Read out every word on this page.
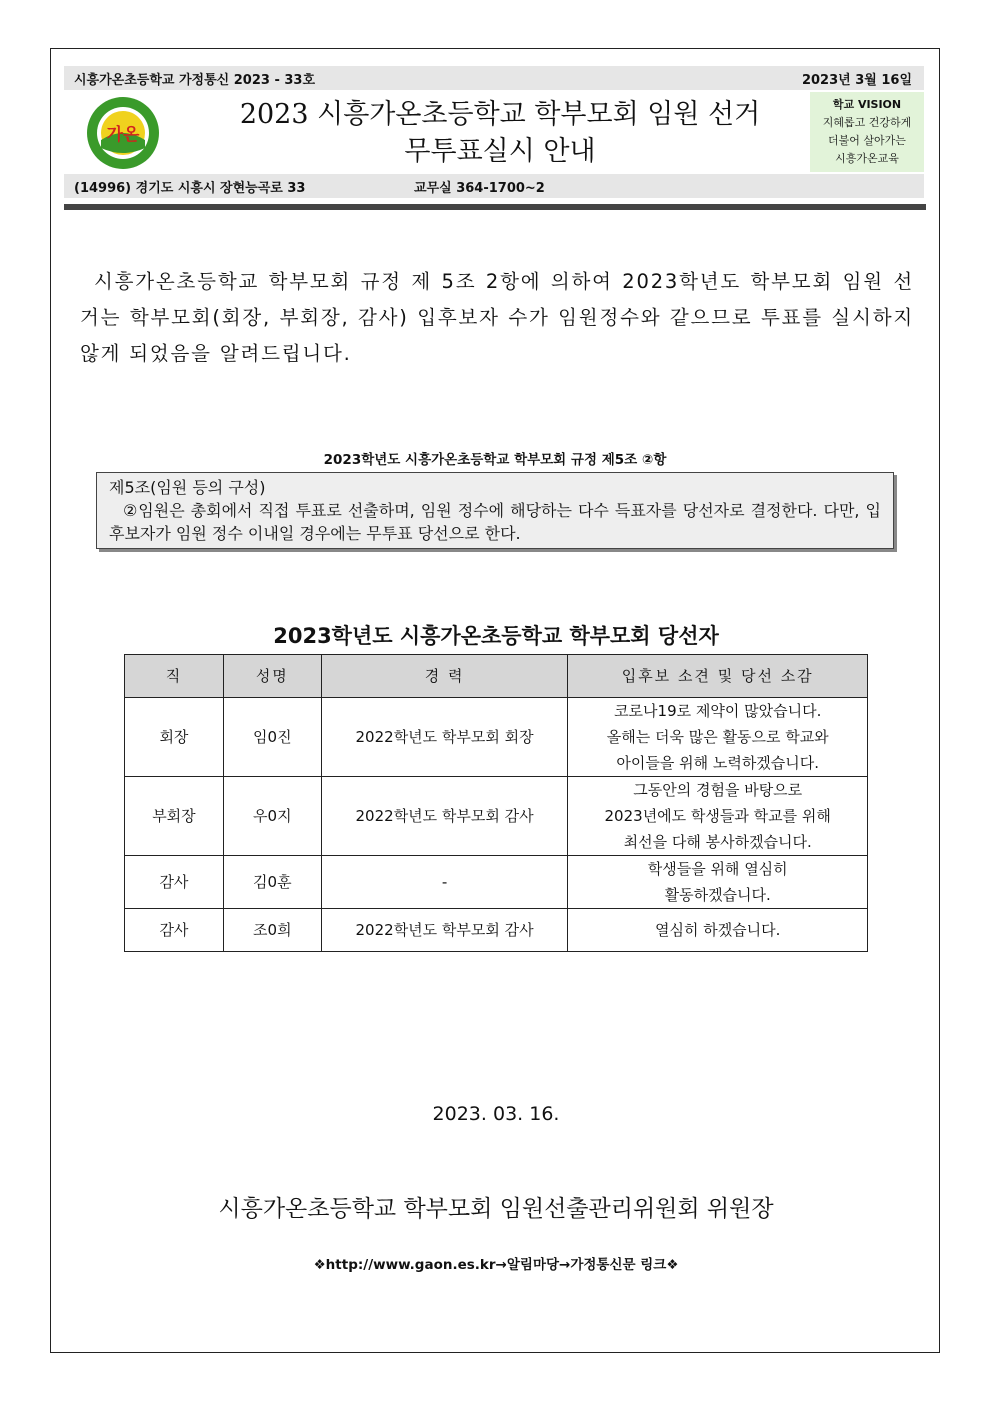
시흥가온초등학교 가정통신 2023 - 33호	2023년 3월 16일
가온
2023 시흥가온초등학교 학부모회 임원 선거
무투표실시 안내
학교 VISION
지혜롭고 건강하게
더불어 살아가는
시흥가온교육
(14996) 경기도 시흥시 장현능곡로 33	교무실 364-1700~2

시흥가온초등학교 학부모회 규정 제 5조 2항에 의하여 2023학년도 학부모회 임원 선거는 학부모회(회장, 부회장, 감사) 입후보자 수가 임원정수와 같으므로 투표를 실시하지 않게 되었음을 알려드립니다.

2023학년도 시흥가온초등학교 학부모회 규정 제5조 ②항
제5조(임원 등의 구성)
②임원은 총회에서 직접 투표로 선출하며, 임원 정수에 해당하는 다수 득표자를 당선자로 결정한다. 다만, 입후보자가 임원 정수 이내일 경우에는 무투표 당선으로 한다.
2023학년도 시흥가온초등학교 학부모회 당선자
직	성명	경 력	입후보 소견 및 당선 소감
회장	임0진	2022학년도 학부모회 회장	코로나19로 제약이 많았습니다.
올해는 더욱 많은 활동으로 학교와
아이들을 위해 노력하겠습니다.

부회장	우0지	2022학년도 학부모회 감사	그동안의 경험을 바탕으로
2023년에도 학생들과 학교를 위해
최선을 다해 봉사하겠습니다.

감사	김0훈	-	학생들을 위해 열심히
활동하겠습니다.

감사	조0희	2022학년도 학부모회 감사	열심히 하겠습니다.
2023. 03. 16.
시흥가온초등학교 학부모회 임원선출관리위원회 위원장
❖http://www.gaon.es.kr→알림마당→가정통신문 링크❖
